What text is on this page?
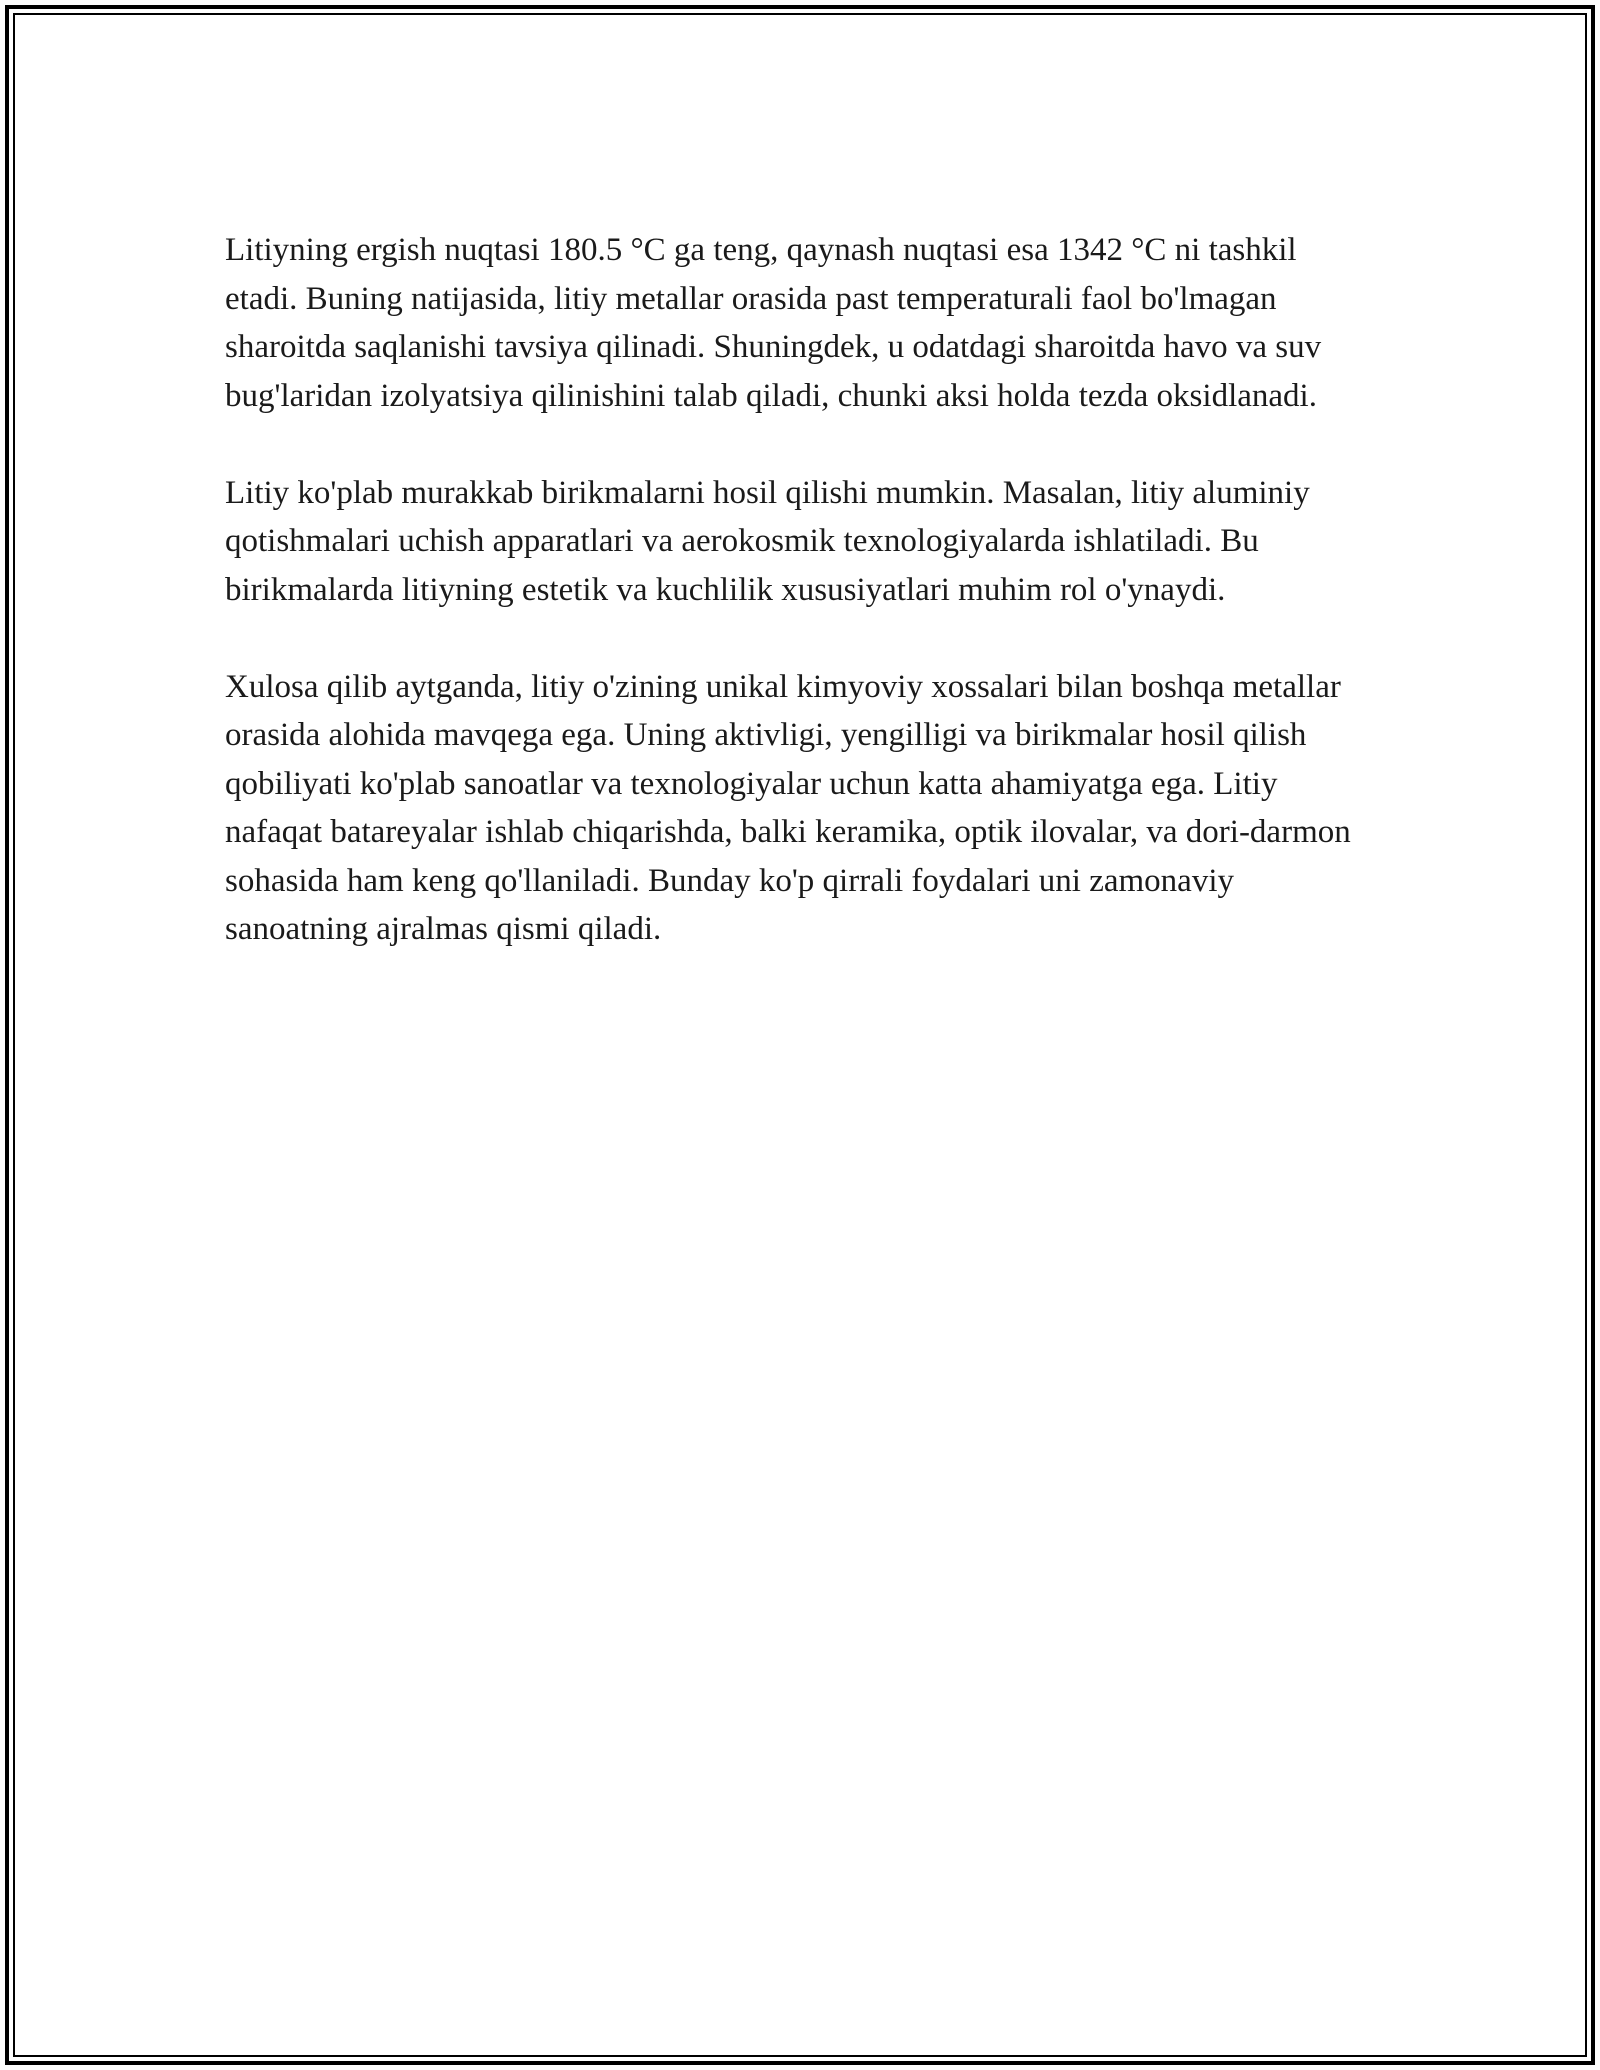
Litiyning ergish nuqtasi 180.5 °C ga teng, qaynash nuqtasi esa 1342 °C ni tashkil etadi. Buning natijasida, litiy metallar orasida past temperaturali faol bo'lmagan sharoitda saqlanishi tavsiya qilinadi. Shuningdek, u odatdagi sharoitda havo va suv bug'laridan izolyatsiya qilinishini talab qiladi, chunki aksi holda tezda oksidlanadi.

Litiy ko'plab murakkab birikmalarni hosil qilishi mumkin. Masalan, litiy aluminiy qotishmalari uchish apparatlari va aerokosmik texnologiyalarda ishlatiladi. Bu birikmalarda litiyning estetik va kuchlilik xususiyatlari muhim rol o'ynaydi.

Xulosa qilib aytganda, litiy o'zining unikal kimyoviy xossalari bilan boshqa metallar orasida alohida mavqega ega. Uning aktivligi, yengilligi va birikmalar hosil qilish qobiliyati ko'plab sanoatlar va texnologiyalar uchun katta ahamiyatga ega. Litiy nafaqat batareyalar ishlab chiqarishda, balki keramika, optik ilovalar, va dori-darmon sohasida ham keng qo'llaniladi. Bunday ko'p qirrali foydalari uni zamonaviy sanoatning ajralmas qismi qiladi.
